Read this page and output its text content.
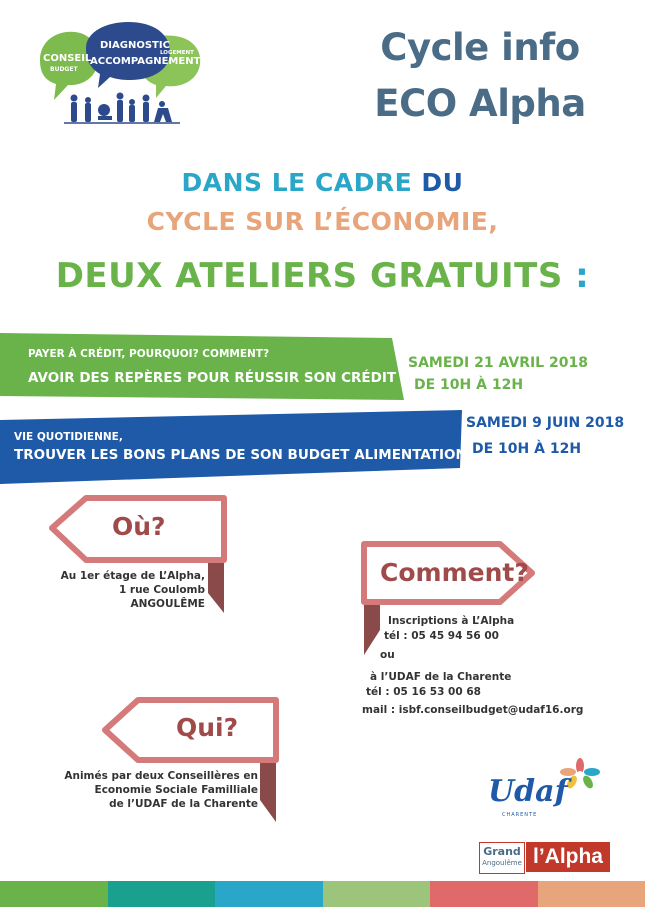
CONSEIL
BUDGET
DIAGNOSTIC
ACCOMPAGNEMENT
LOGEMENT	Cycle info
ECO Alpha
DANS LE CADRE DU
CYCLE SUR L’ÉCONOMIE,
DEUX ATELIERS GRATUITS :
PAYER À CRÉDIT, POURQUOI? COMMENT?
AVOIR DES REPÈRES POUR RÉUSSIR SON CRÉDIT !
SAMEDI 21 AVRIL 2018
DE 10H À 12H
VIE QUOTIDIENNE,
TROUVER LES BONS PLANS DE SON BUDGET ALIMENTATION
SAMEDI 9 JUIN 2018
DE 10H À 12H
Où?
Au 1er étage de L’Alpha,
1 rue Coulomb
ANGOULÊME
Comment?
Inscriptions à L’Alpha
tél : 05 45 94 56 00
ou
à l’UDAF de la Charente
tél : 05 16 53 00 68
mail : isbf.conseilbudget@udaf16.org
Qui?
Animés par deux Conseillères en
Economie Sociale Familliale
de l’UDAF de la Charente	Udaf
CHARENTE
Grand
Angoulême l’Alpha
